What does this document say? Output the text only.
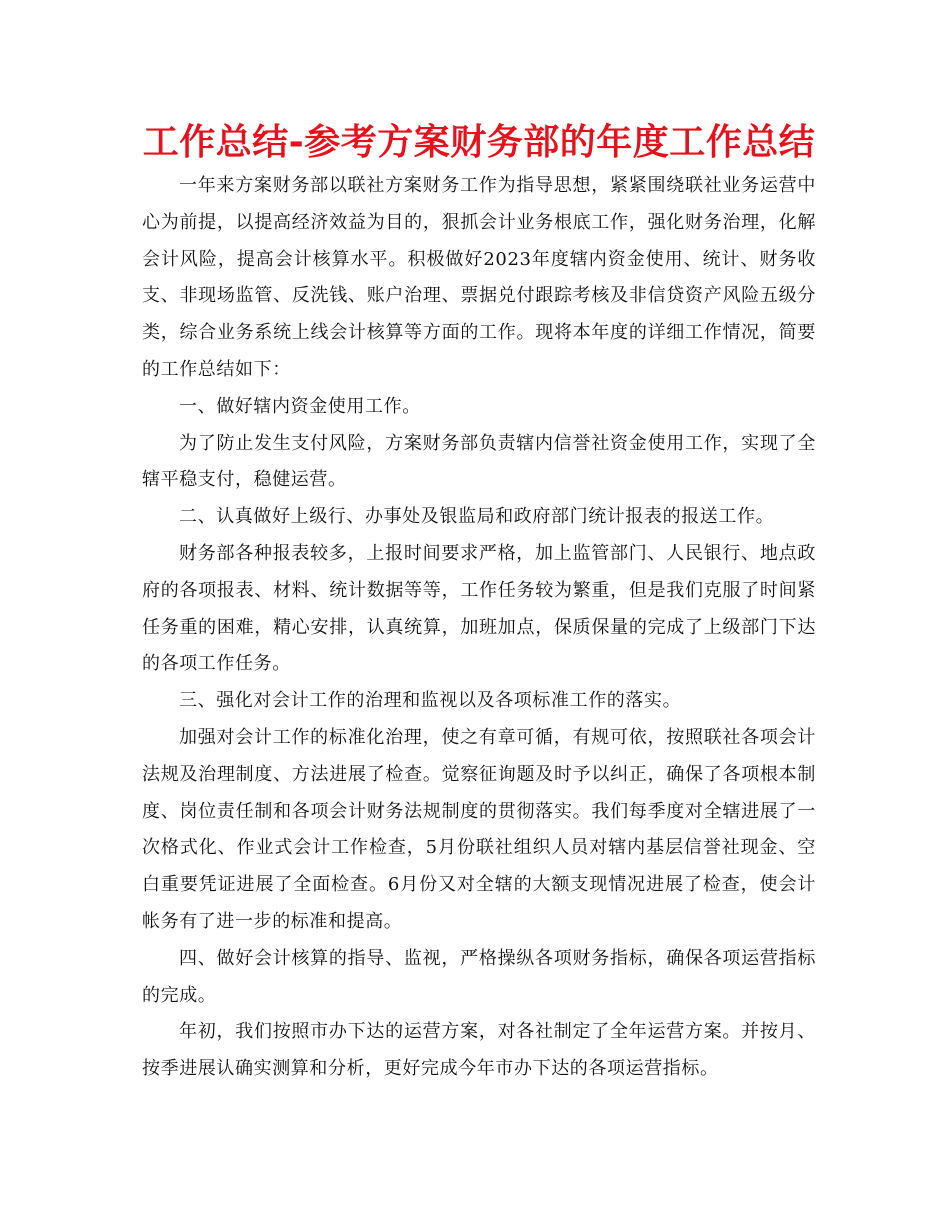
工作总结-参考方案财务部的年度工作总结

一年来方案财务部以联社方案财务工作为指导思想，紧紧围绕联社业务运营中心为前提，以提高经济效益为目的，狠抓会计业务根底工作，强化财务治理，化解会计风险，提高会计核算水平。积极做好2023年度辖内资金使用、统计、财务收支、非现场监管、反洗钱、账户治理、票据兑付跟踪考核及非信贷资产风险五级分类，综合业务系统上线会计核算等方面的工作。现将本年度的详细工作情况，简要的工作总结如下：

一、做好辖内资金使用工作。

为了防止发生支付风险，方案财务部负责辖内信誉社资金使用工作，实现了全辖平稳支付，稳健运营。

二、认真做好上级行、办事处及银监局和政府部门统计报表的报送工作。

财务部各种报表较多，上报时间要求严格，加上监管部门、人民银行、地点政府的各项报表、材料、统计数据等等，工作任务较为繁重，但是我们克服了时间紧任务重的困难，精心安排，认真统算，加班加点，保质保量的完成了上级部门下达的各项工作任务。

三、强化对会计工作的治理和监视以及各项标准工作的落实。

加强对会计工作的标准化治理，使之有章可循，有规可依，按照联社各项会计法规及治理制度、方法进展了检查。觉察征询题及时予以纠正，确保了各项根本制度、岗位责任制和各项会计财务法规制度的贯彻落实。我们每季度对全辖进展了一次格式化、作业式会计工作检查，5月份联社组织人员对辖内基层信誉社现金、空白重要凭证进展了全面检查。6月份又对全辖的大额支现情况进展了检查，使会计帐务有了进一步的标准和提高。

四、做好会计核算的指导、监视，严格操纵各项财务指标，确保各项运营指标的完成。

年初，我们按照市办下达的运营方案，对各社制定了全年运营方案。并按月、按季进展认确实测算和分析，更好完成今年市办下达的各项运营指标。
